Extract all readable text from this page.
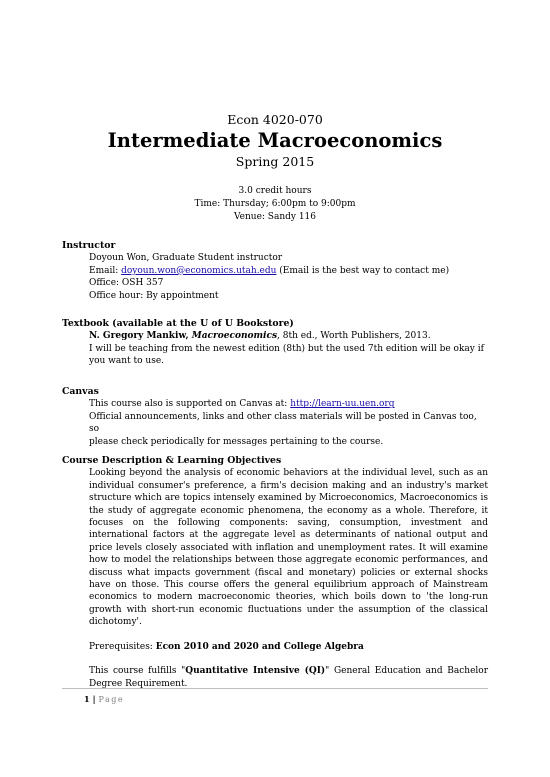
Econ 4020-070
Intermediate Macroeconomics
Spring 2015
3.0 credit hours
Time: Thursday; 6:00pm to 9:00pm
Venue: Sandy 116
Instructor
Doyoun Won, Graduate Student instructor
Email: doyoun.won@economics.utah.edu (Email is the best way to contact me)
Office: OSH 357
Office hour: By appointment
Textbook (available at the U of U Bookstore)
N. Gregory Mankiw, Macroeconomics, 8th ed., Worth Publishers, 2013.
I will be teaching from the newest edition (8th) but the used 7th edition will be okay if
you want to use.
Canvas
This course also is supported on Canvas at: http://learn-uu.uen.org
Official announcements, links and other class materials will be posted in Canvas too, so
please check periodically for messages pertaining to the course.
Course Description & Learning Objectives
Looking beyond the analysis of economic behaviors at the individual level, such as an individual consumer's preference, a firm's decision making and an industry's market structure which are topics intensely examined by Microeconomics, Macroeconomics is the study of aggregate economic phenomena, the economy as a whole. Therefore, it focuses on the following components: saving, consumption, investment and international factors at the aggregate level as determinants of national output and price levels closely associated with inflation and unemployment rates. It will examine how to model the relationships between those aggregate economic performances, and discuss what impacts government (fiscal and monetary) policies or external shocks have on those. This course offers the general equilibrium approach of Mainstream economics to modern macroeconomic theories, which boils down to 'the long-run growth with short-run economic fluctuations under the assumption of the classical dichotomy'.
Prerequisites: Econ 2010 and 2020 and College Algebra
This course fulfills "Quantitative Intensive (QI)" General Education and Bachelor Degree Requirement.
1 | Page
